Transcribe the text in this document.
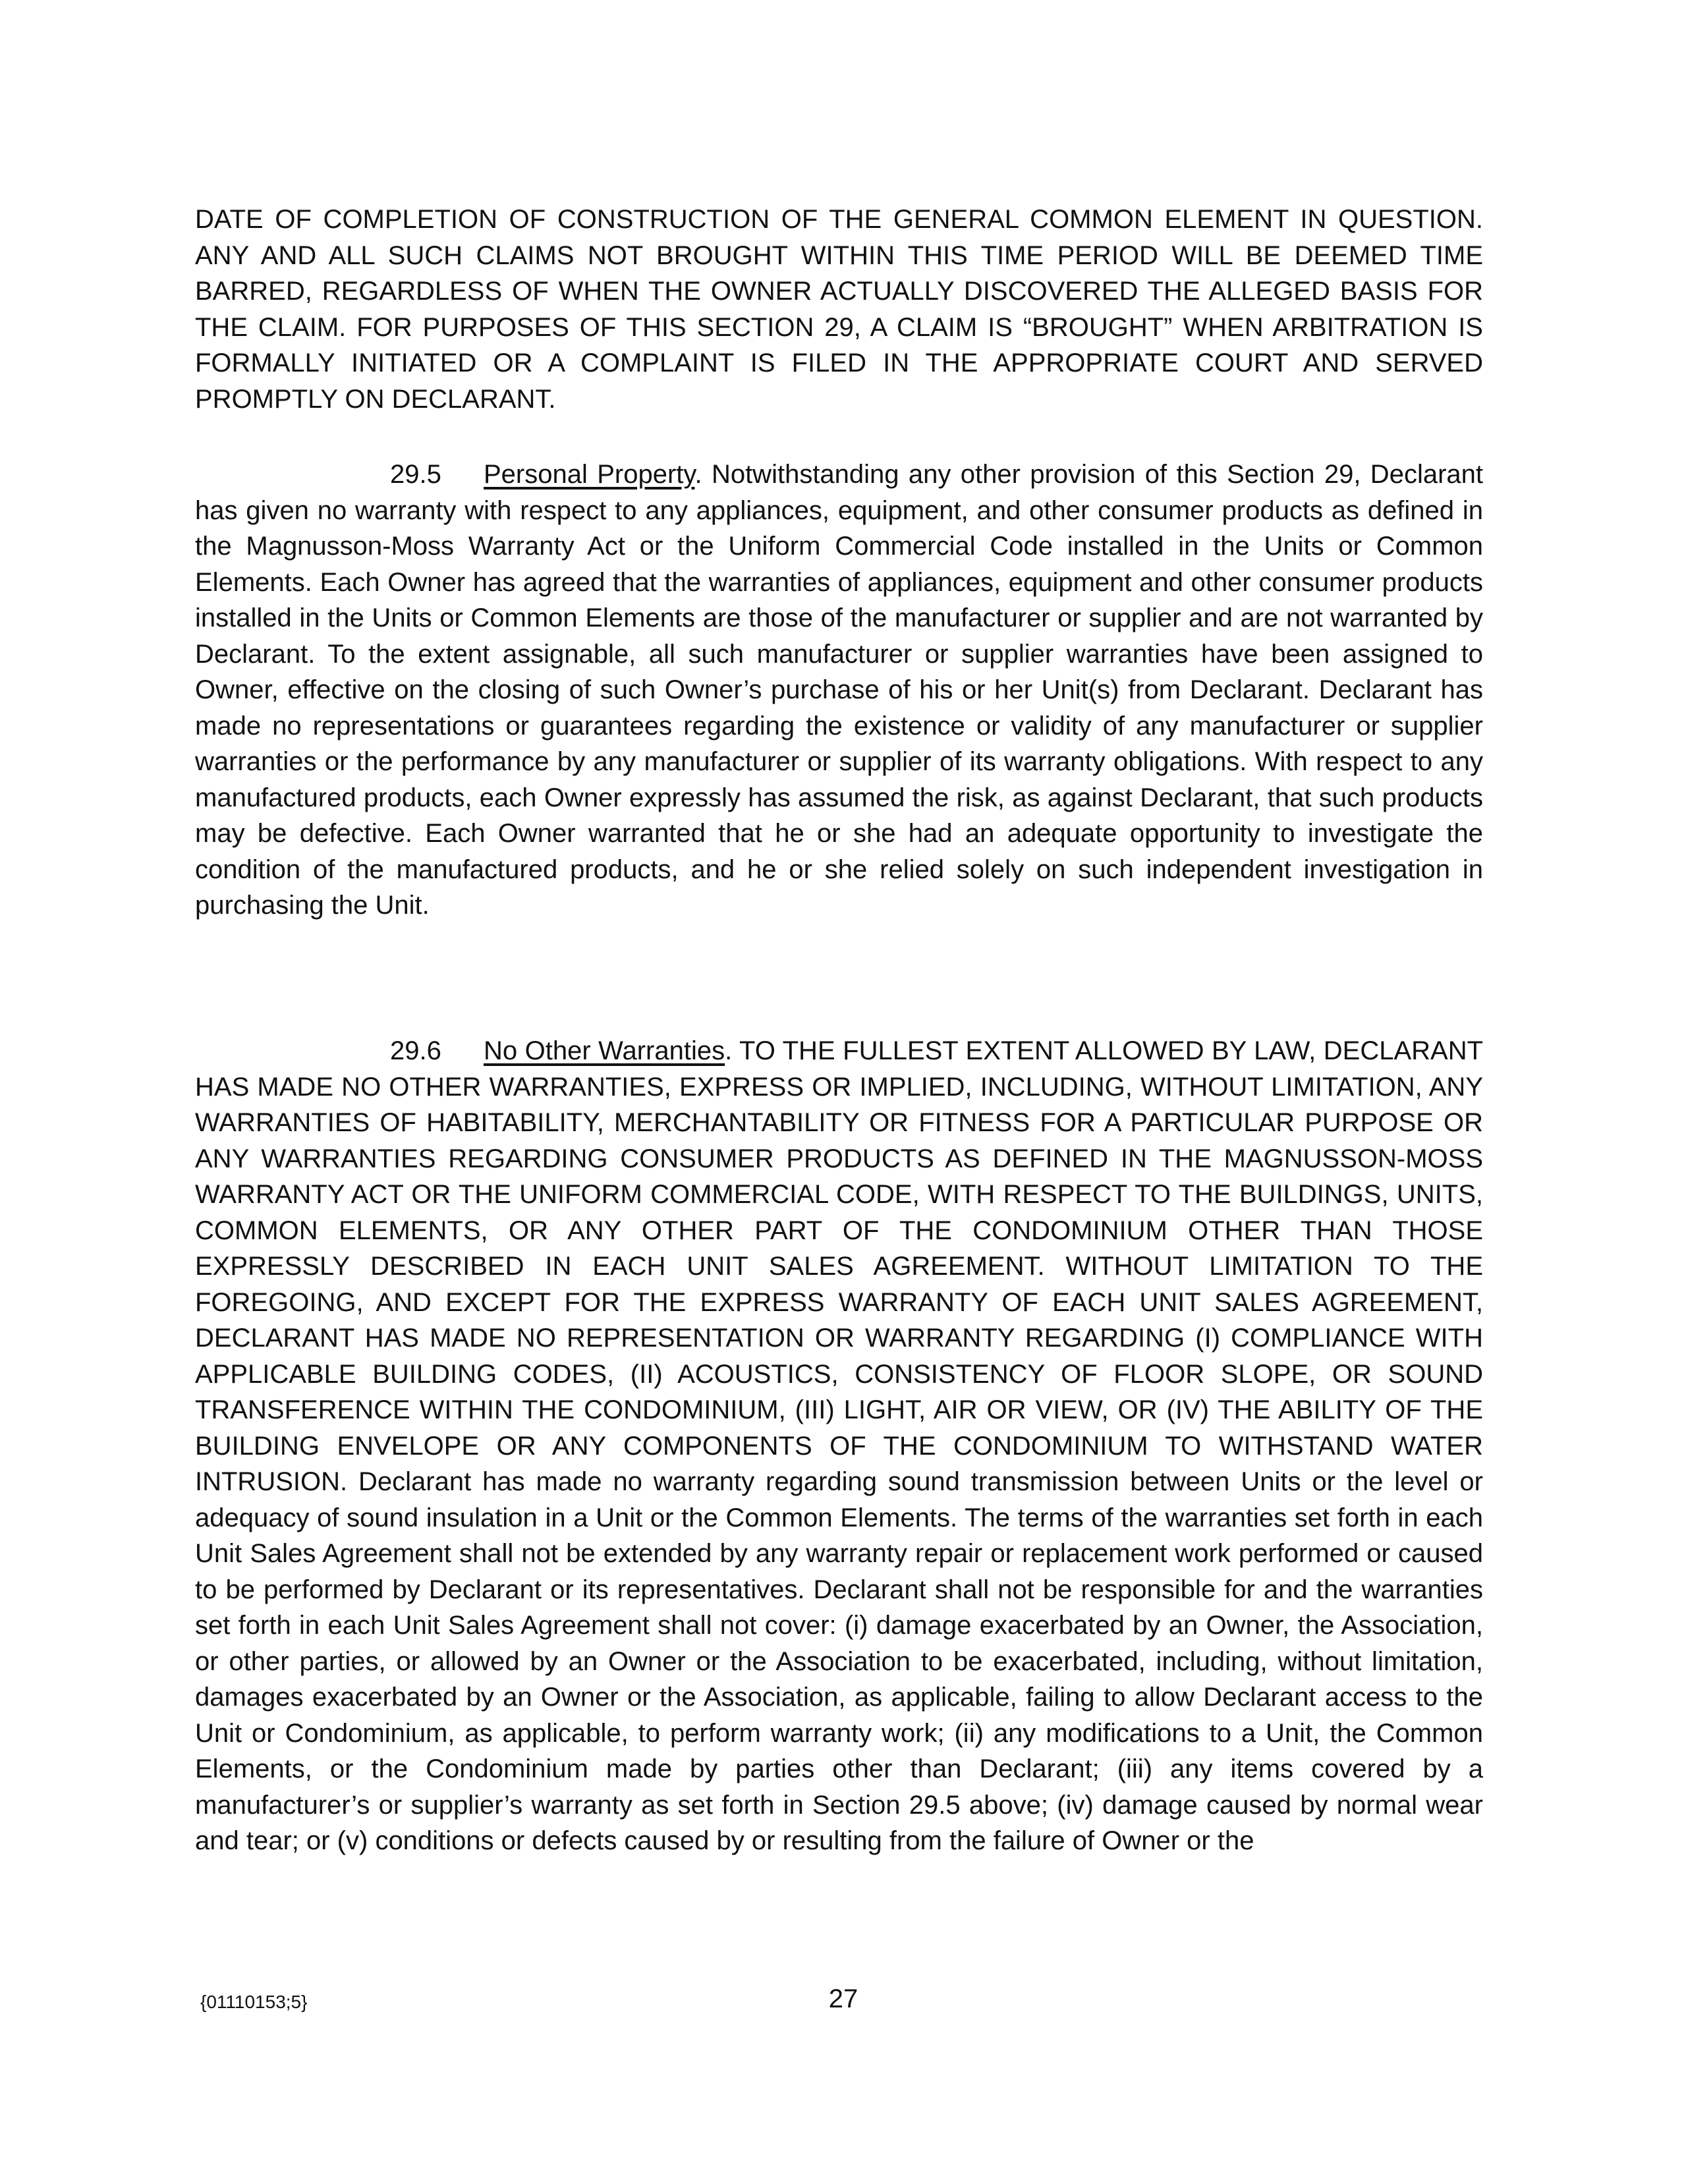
DATE OF COMPLETION OF CONSTRUCTION OF THE GENERAL COMMON ELEMENT IN QUESTION. ANY AND ALL SUCH CLAIMS NOT BROUGHT WITHIN THIS TIME PERIOD WILL BE DEEMED TIME BARRED, REGARDLESS OF WHEN THE OWNER ACTUALLY DISCOVERED THE ALLEGED BASIS FOR THE CLAIM. FOR PURPOSES OF THIS SECTION 29, A CLAIM IS “BROUGHT” WHEN ARBITRATION IS FORMALLY INITIATED OR A COMPLAINT IS FILED IN THE APPROPRIATE COURT AND SERVED PROMPTLY ON DECLARANT.

29.5 Personal Property. Notwithstanding any other provision of this Section 29, Declarant has given no warranty with respect to any appliances, equipment, and other consumer products as defined in the Magnusson-Moss Warranty Act or the Uniform Commercial Code installed in the Units or Common Elements. Each Owner has agreed that the warranties of appliances, equipment and other consumer products installed in the Units or Common Elements are those of the manufacturer or supplier and are not warranted by Declarant. To the extent assignable, all such manufacturer or supplier warranties have been assigned to Owner, effective on the closing of such Owner’s purchase of his or her Unit(s) from Declarant. Declarant has made no representations or guarantees regarding the existence or validity of any manufacturer or supplier warranties or the performance by any manufacturer or supplier of its warranty obligations. With respect to any manufactured products, each Owner expressly has assumed the risk, as against Declarant, that such products may be defective. Each Owner warranted that he or she had an adequate opportunity to investigate the condition of the manufactured products, and he or she relied solely on such independent investigation in purchasing the Unit.

29.6 No Other Warranties. TO THE FULLEST EXTENT ALLOWED BY LAW, DECLARANT HAS MADE NO OTHER WARRANTIES, EXPRESS OR IMPLIED, INCLUDING, WITHOUT LIMITATION, ANY WARRANTIES OF HABITABILITY, MERCHANTABILITY OR FITNESS FOR A PARTICULAR PURPOSE OR ANY WARRANTIES REGARDING CONSUMER PRODUCTS AS DEFINED IN THE MAGNUSSON-MOSS WARRANTY ACT OR THE UNIFORM COMMERCIAL CODE, WITH RESPECT TO THE BUILDINGS, UNITS, COMMON ELEMENTS, OR ANY OTHER PART OF THE CONDOMINIUM OTHER THAN THOSE EXPRESSLY DESCRIBED IN EACH UNIT SALES AGREEMENT. WITHOUT LIMITATION TO THE FOREGOING, AND EXCEPT FOR THE EXPRESS WARRANTY OF EACH UNIT SALES AGREEMENT, DECLARANT HAS MADE NO REPRESENTATION OR WARRANTY REGARDING (I) COMPLIANCE WITH APPLICABLE BUILDING CODES, (II) ACOUSTICS, CONSISTENCY OF FLOOR SLOPE, OR SOUND TRANSFERENCE WITHIN THE CONDOMINIUM, (III) LIGHT, AIR OR VIEW, OR (IV) THE ABILITY OF THE BUILDING ENVELOPE OR ANY COMPONENTS OF THE CONDOMINIUM TO WITHSTAND WATER INTRUSION. Declarant has made no warranty regarding sound transmission between Units or the level or adequacy of sound insulation in a Unit or the Common Elements. The terms of the warranties set forth in each Unit Sales Agreement shall not be extended by any warranty repair or replacement work performed or caused to be performed by Declarant or its representatives. Declarant shall not be responsible for and the warranties set forth in each Unit Sales Agreement shall not cover: (i) damage exacerbated by an Owner, the Association, or other parties, or allowed by an Owner or the Association to be exacerbated, including, without limitation, damages exacerbated by an Owner or the Association, as applicable, failing to allow Declarant access to the Unit or Condominium, as applicable, to perform warranty work; (ii) any modifications to a Unit, the Common Elements, or the Condominium made by parties other than Declarant; (iii) any items covered by a manufacturer’s or supplier’s warranty as set forth in Section 29.5 above; (iv) damage caused by normal wear and tear; or (v) conditions or defects caused by or resulting from the failure of Owner or the

{01110153;5}	27
